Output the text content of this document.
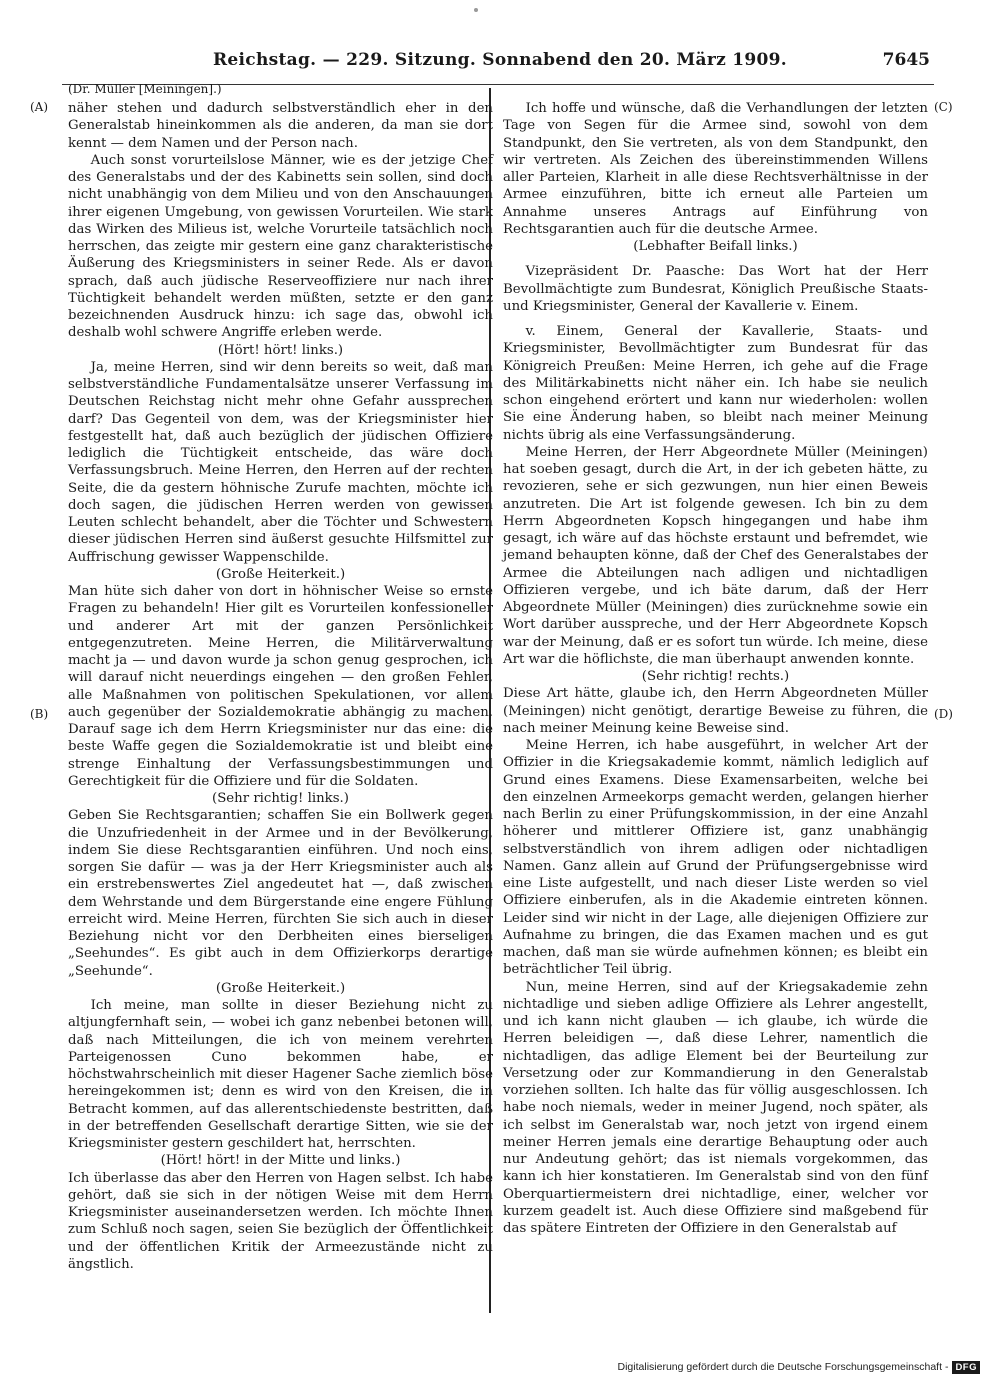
Reichstag. — 229. Sitzung. Sonnabend den 20. März 1909.	7645
(Dr. Müller [Meiningen].)
(A)
(B)
(C)
(D)

näher stehen und dadurch selbstverständlich eher in den Generalstab hineinkommen als die anderen, da man sie dort kennt — dem Namen und der Person nach.

Auch sonst vorurteilslose Männer, wie es der jetzige Chef des Generalstabs und der des Kabinetts sein sollen, sind doch nicht unabhängig von dem Milieu und von den Anschauungen ihrer eigenen Umgebung, von gewissen Vorurteilen. Wie stark das Wirken des Milieus ist, welche Vorurteile tatsächlich noch herrschen, das zeigte mir gestern eine ganz charakteristische Äußerung des Kriegsministers in seiner Rede. Als er davon sprach, daß auch jüdische Reserveoffiziere nur nach ihrer Tüchtigkeit behandelt werden müßten, setzte er den ganz bezeichnenden Ausdruck hinzu: ich sage das, obwohl ich deshalb wohl schwere Angriffe erleben werde.

(Hört! hört! links.)

Ja, meine Herren, sind wir denn bereits so weit, daß man selbstverständliche Fundamentalsätze unserer Verfassung im Deutschen Reichstag nicht mehr ohne Gefahr aussprechen darf? Das Gegenteil von dem, was der Kriegsminister hier festgestellt hat, daß auch bezüglich der jüdischen Offiziere lediglich die Tüchtigkeit entscheide, das wäre doch Verfassungsbruch. Meine Herren, den Herren auf der rechten Seite, die da gestern höhnische Zurufe machten, möchte ich doch sagen, die jüdischen Herren werden von gewissen Leuten schlecht behandelt, aber die Töchter und Schwestern dieser jüdischen Herren sind äußerst gesuchte Hilfsmittel zur Auffrischung gewisser Wappenschilde.

(Große Heiterkeit.)

Man hüte sich daher von dort in höhnischer Weise so ernste Fragen zu behandeln! Hier gilt es Vorurteilen konfessioneller und anderer Art mit der ganzen Persönlichkeit entgegenzutreten. Meine Herren, die Militärverwaltung macht ja — und davon wurde ja schon genug gesprochen, ich will darauf nicht neuerdings eingehen — den großen Fehler, alle Maßnahmen von politischen Spekulationen, vor allem auch gegenüber der Sozialdemokratie abhängig zu machen. Darauf sage ich dem Herrn Kriegsminister nur das eine: die beste Waffe gegen die Sozialdemokratie ist und bleibt eine strenge Einhaltung der Verfassungsbestimmungen und Gerechtigkeit für die Offiziere und für die Soldaten.

(Sehr richtig! links.)

Geben Sie Rechtsgarantien; schaffen Sie ein Bollwerk gegen die Unzufriedenheit in der Armee und in der Bevölkerung, indem Sie diese Rechtsgarantien einführen. Und noch eins, sorgen Sie dafür — was ja der Herr Kriegsminister auch als ein erstrebenswertes Ziel angedeutet hat —, daß zwischen dem Wehrstande und dem Bürgerstande eine engere Fühlung erreicht wird. Meine Herren, fürchten Sie sich auch in dieser Beziehung nicht vor den Derbheiten eines bierseligen „Seehundes“. Es gibt auch in dem Offizierkorps derartige „Seehunde“.

(Große Heiterkeit.)

Ich meine, man sollte in dieser Beziehung nicht zu altjungfernhaft sein, — wobei ich ganz nebenbei betonen will, daß nach Mitteilungen, die ich von meinem verehrten Parteigenossen Cuno bekommen habe, er höchstwahrscheinlich mit dieser Hagener Sache ziemlich böse hereingekommen ist; denn es wird von den Kreisen, die in Betracht kommen, auf das allerentschiedenste bestritten, daß in der betreffenden Gesellschaft derartige Sitten, wie sie der Kriegsminister gestern geschildert hat, herrschten.

(Hört! hört! in der Mitte und links.)

Ich überlasse das aber den Herren von Hagen selbst. Ich habe gehört, daß sie sich in der nötigen Weise mit dem Herrn Kriegsminister auseinandersetzen werden. Ich möchte Ihnen zum Schluß noch sagen, seien Sie bezüglich der Öffentlichkeit und der öffentlichen Kritik der Armeezustände nicht zu ängstlich.

Ich hoffe und wünsche, daß die Verhandlungen der letzten Tage von Segen für die Armee sind, sowohl von dem Standpunkt, den Sie vertreten, als von dem Standpunkt, den wir vertreten. Als Zeichen des übereinstimmenden Willens aller Parteien, Klarheit in alle diese Rechtsverhältnisse in der Armee einzuführen, bitte ich erneut alle Parteien um Annahme unseres Antrags auf Einführung von Rechtsgarantien auch für die deutsche Armee.

(Lebhafter Beifall links.)

Vizepräsident Dr. Paasche: Das Wort hat der Herr Bevollmächtigte zum Bundesrat, Königlich Preußische Staats- und Kriegsminister, General der Kavallerie v. Einem.

v. Einem, General der Kavallerie, Staats- und Kriegsminister, Bevollmächtigter zum Bundesrat für das Königreich Preußen: Meine Herren, ich gehe auf die Frage des Militärkabinetts nicht näher ein. Ich habe sie neulich schon eingehend erörtert und kann nur wiederholen: wollen Sie eine Änderung haben, so bleibt nach meiner Meinung nichts übrig als eine Verfassungsänderung.

Meine Herren, der Herr Abgeordnete Müller (Meiningen) hat soeben gesagt, durch die Art, in der ich gebeten hätte, zu revozieren, sehe er sich gezwungen, nun hier einen Beweis anzutreten. Die Art ist folgende gewesen. Ich bin zu dem Herrn Abgeordneten Kopsch hingegangen und habe ihm gesagt, ich wäre auf das höchste erstaunt und befremdet, wie jemand behaupten könne, daß der Chef des Generalstabes der Armee die Abteilungen nach adligen und nichtadligen Offizieren vergebe, und ich bäte darum, daß der Herr Abgeordnete Müller (Meiningen) dies zurücknehme sowie ein Wort darüber ausspreche, und der Herr Abgeordnete Kopsch war der Meinung, daß er es sofort tun würde. Ich meine, diese Art war die höflichste, die man überhaupt anwenden konnte.

(Sehr richtig! rechts.)

Diese Art hätte, glaube ich, den Herrn Abgeordneten Müller (Meiningen) nicht genötigt, derartige Beweise zu führen, die nach meiner Meinung keine Beweise sind.

Meine Herren, ich habe ausgeführt, in welcher Art der Offizier in die Kriegsakademie kommt, nämlich lediglich auf Grund eines Examens. Diese Examensarbeiten, welche bei den einzelnen Armeekorps gemacht werden, gelangen hierher nach Berlin zu einer Prüfungskommission, in der eine Anzahl höherer und mittlerer Offiziere ist, ganz unabhängig selbstverständlich von ihrem adligen oder nichtadligen Namen. Ganz allein auf Grund der Prüfungsergebnisse wird eine Liste aufgestellt, und nach dieser Liste werden so viel Offiziere einberufen, als in die Akademie eintreten können. Leider sind wir nicht in der Lage, alle diejenigen Offiziere zur Aufnahme zu bringen, die das Examen machen und es gut machen, daß man sie würde aufnehmen können; es bleibt ein beträchtlicher Teil übrig.

Nun, meine Herren, sind auf der Kriegsakademie zehn nichtadlige und sieben adlige Offiziere als Lehrer angestellt, und ich kann nicht glauben — ich glaube, ich würde die Herren beleidigen —, daß diese Lehrer, namentlich die nichtadligen, das adlige Element bei der Beurteilung zur Versetzung oder zur Kommandierung in den Generalstab vorziehen sollten. Ich halte das für völlig ausgeschlossen. Ich habe noch niemals, weder in meiner Jugend, noch später, als ich selbst im Generalstab war, noch jetzt von irgend einem meiner Herren jemals eine derartige Behauptung oder auch nur Andeutung gehört; das ist niemals vorgekommen, das kann ich hier konstatieren. Im Generalstab sind von den fünf Oberquartiermeistern drei nichtadlige, einer, welcher vor kurzem geadelt ist. Auch diese Offiziere sind maßgebend für das spätere Eintreten der Offiziere in den Generalstab auf

Digitalisierung gefördert durch die Deutsche Forschungsgemeinschaft - DFG
